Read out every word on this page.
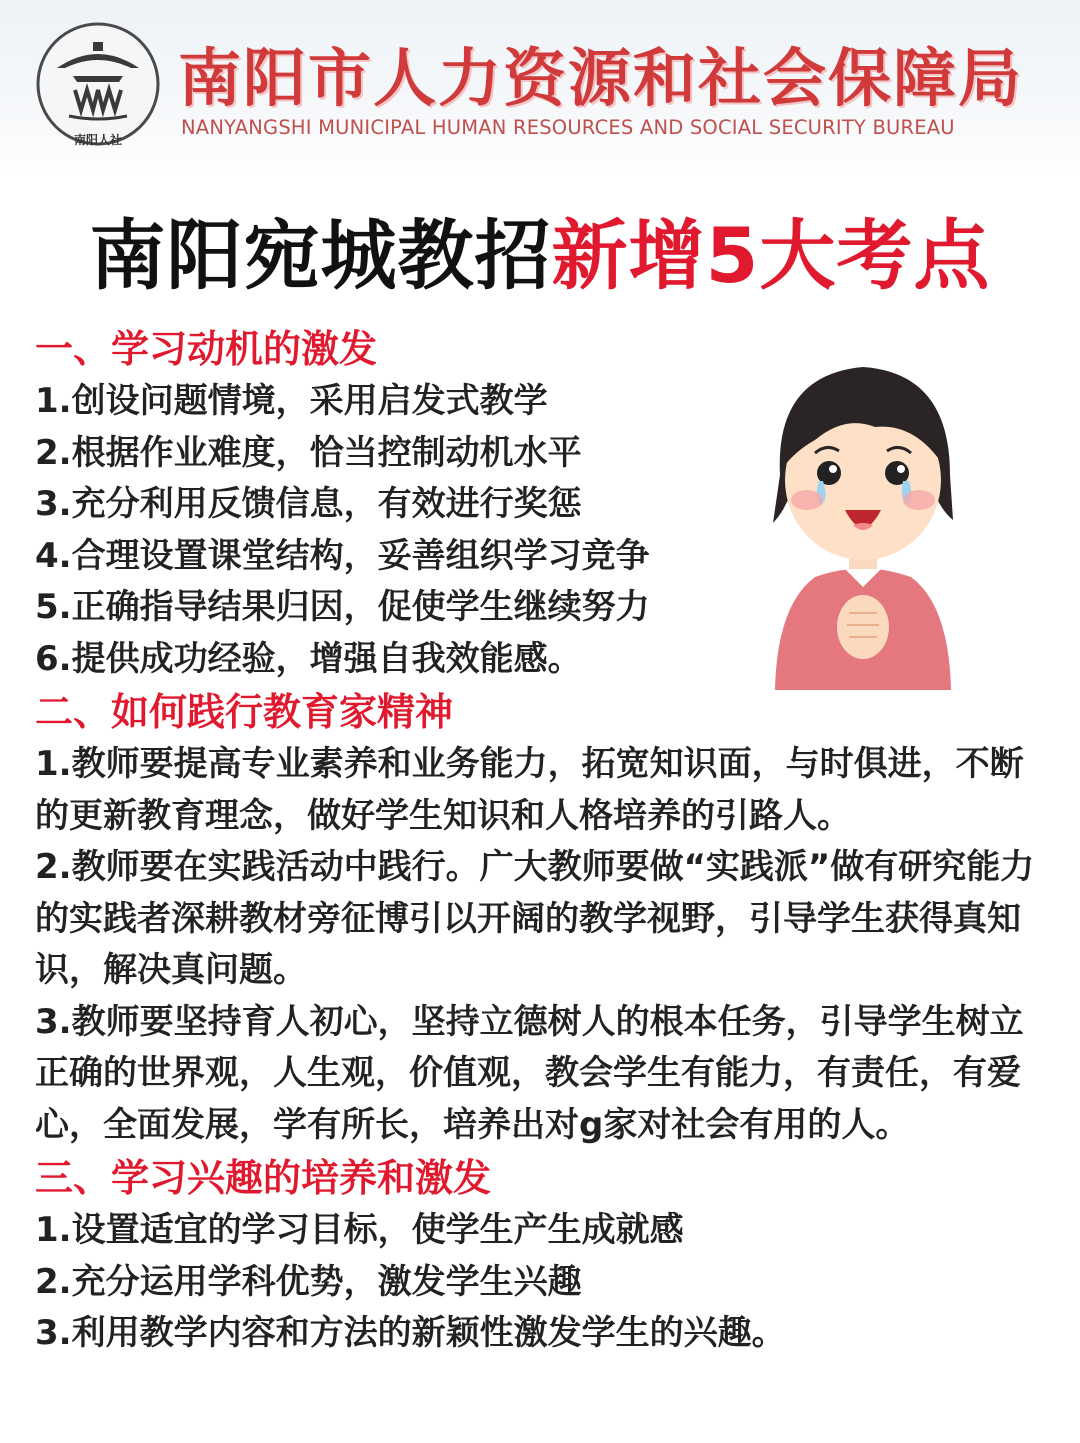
南阳人社
南阳市人力资源和社会保障局
NANYANGSHI MUNICIPAL HUMAN RESOURCES AND SOCIAL SECURITY BUREAU
南阳宛城教招新增5大考点
一、学习动机的激发
1.创设问题情境，采用启发式教学
2.根据作业难度，恰当控制动机水平
3.充分利用反馈信息，有效进行奖惩
4.合理设置课堂结构，妥善组织学习竞争
5.正确指导结果归因，促使学生继续努力
6.提供成功经验，增强自我效能感。
二、如何践行教育家精神
1.教师要提高专业素养和业务能力，拓宽知识面，与时俱进，不断的更新教育理念，做好学生知识和人格培养的引路人。
2.教师要在实践活动中践行。广大教师要做“实践派”做有研究能力的实践者深耕教材旁征博引以开阔的教学视野，引导学生获得真知识，解决真问题。
3.教师要坚持育人初心，坚持立德树人的根本任务，引导学生树立正确的世界观，人生观，价值观，教会学生有能力，有责任，有爱心，全面发展，学有所长，培养出对g家对社会有用的人。
三、学习兴趣的培养和激发
1.设置适宜的学习目标，使学生产生成就感
2.充分运用学科优势，激发学生兴趣
3.利用教学内容和方法的新颖性激发学生的兴趣。
